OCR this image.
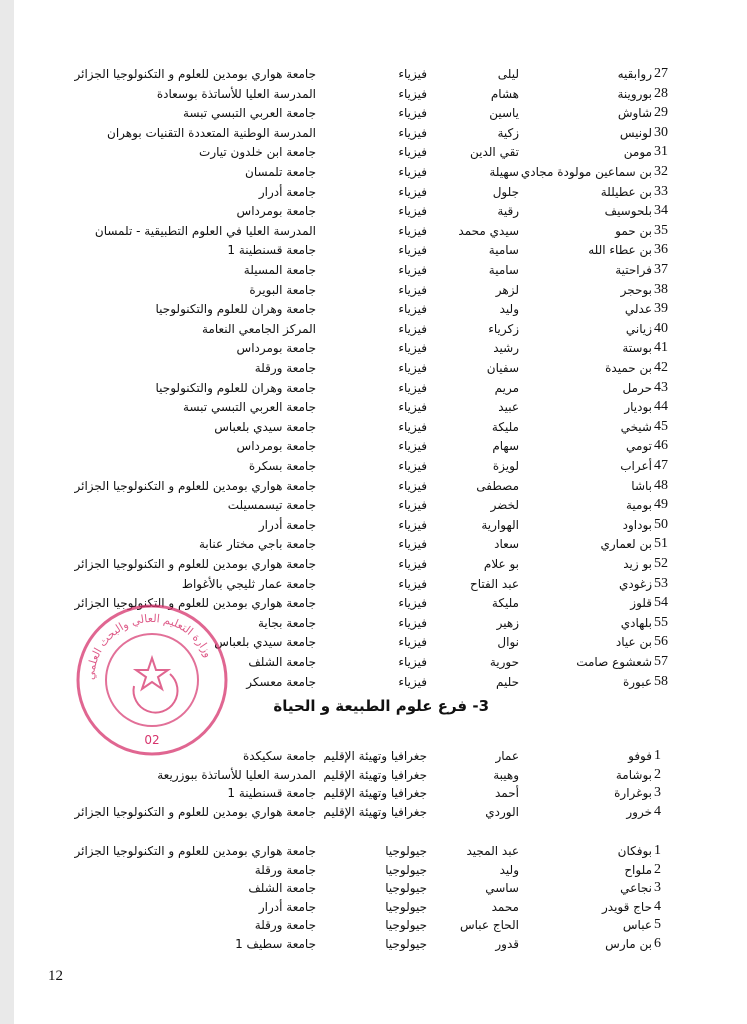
27
روابقيه
ليلى
فيزياء
جامعة هواري بومدين للعلوم و التكنولوجيا الجزائر
28
بوروينة
هشام
فيزياء
المدرسة العليا للأساتذة بوسعادة
29
شاوش
ياسين
فيزياء
جامعة العربي التبسي تبسة
30
لونيس
زكية
فيزياء
المدرسة الوطنية المتعددة التقنيات بوهران
31
مومن
تقي الدين
فيزياء
جامعة ابن خلدون تيارت
32
بن سماعين مولودة مجادي
سهيلة
فيزياء
جامعة تلمسان
33
بن عطيللة
جلول
فيزياء
جامعة أدرار
34
بلحوسيف
رقية
فيزياء
جامعة بومرداس
35
بن حمو
سيدي محمد
فيزياء
المدرسة العليا في العلوم التطبيقية - تلمسان
36
بن عطاء الله
سامية
فيزياء
جامعة قسنطينة 1
37
فراحتية
سامية
فيزياء
جامعة المسيلة
38
بوحجر
لزهر
فيزياء
جامعة البويرة
39
عدلي
وليد
فيزياء
جامعة وهران للعلوم والتكنولوجيا
40
زياني
زكرياء
فيزياء
المركز الجامعي النعامة
41
بوستة
رشيد
فيزياء
جامعة بومرداس
42
بن حميدة
سفيان
فيزياء
جامعة ورقلة
43
حرمل
مريم
فيزياء
جامعة وهران للعلوم والتكنولوجيا
44
بوديار
عبيد
فيزياء
جامعة العربي التبسي تبسة
45
شيخي
مليكة
فيزياء
جامعة سيدي بلعباس
46
تومي
سهام
فيزياء
جامعة بومرداس
47
أعراب
لويزة
فيزياء
جامعة بسكرة
48
باشا
مصطفى
فيزياء
جامعة هواري بومدين للعلوم و التكنولوجيا الجزائر
49
بومية
لخضر
فيزياء
جامعة تيسمسيلت
50
بوداود
الهوارية
فيزياء
جامعة أدرار
51
بن لعماري
سعاد
فيزياء
جامعة باجي مختار عنابة
52
بو زيد
بو علام
فيزياء
جامعة هواري بومدين للعلوم و التكنولوجيا الجزائر
53
زغودي
عبد الفتاح
فيزياء
جامعة عمار ثليجي بالأغواط
54
قلوز
مليكة
فيزياء
جامعة هواري بومدين للعلوم و التكنولوجيا الجزائر
55
بلهادي
زهير
فيزياء
جامعة بجاية
56
بن عياد
نوال
فيزياء
جامعة سيدي بلعباس
57
شعشوع صامت
حورية
فيزياء
جامعة الشلف
58
عبورة
حليم
فيزياء
جامعة معسكر
3- فرع علوم الطبيعة و الحياة
1
فوفو
عمار
جغرافيا وتهيئة الإقليم
جامعة سكيكدة
2
بوشامة
وهيبة
جغرافيا وتهيئة الإقليم
المدرسة العليا للأساتذة ببوزريعة
3
بوغرارة
أحمد
جغرافيا وتهيئة الإقليم
جامعة قسنطينة 1
4
خرور
الوردي
جغرافيا وتهيئة الإقليم
جامعة هواري بومدين للعلوم و التكنولوجيا الجزائر
1
بوفكان
عبد المجيد
جيولوجيا
جامعة هواري بومدين للعلوم و التكنولوجيا الجزائر
2
ملواح
وليد
جيولوجيا
جامعة ورقلة
3
نجاعي
ساسي
جيولوجيا
جامعة الشلف
4
حاج قويدر
محمد
جيولوجيا
جامعة أدرار
5
عباس
الحاج عباس
جيولوجيا
جامعة ورقلة
6
بن مارس
قدور
جيولوجيا
جامعة سطيف 1
وزارة التعليم العالي والبحث العلمي
02
12
